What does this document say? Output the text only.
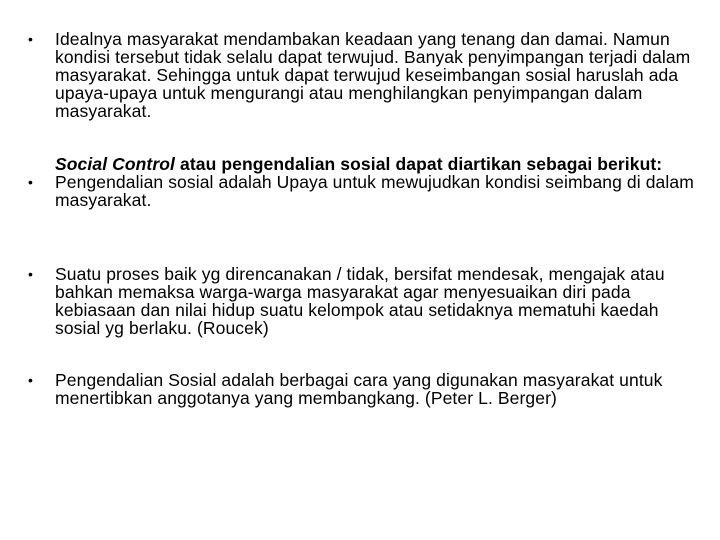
•	Idealnya masyarakat mendambakan keadaan yang tenang dan damai. Namun kondisi tersebut tidak selalu dapat terwujud. Banyak penyimpangan terjadi dalam masyarakat. Sehingga untuk dapat terwujud keseimbangan sosial haruslah ada upaya-upaya untuk mengurangi atau menghilangkan penyimpangan dalam masyarakat.
Social Control atau pengendalian sosial dapat diartikan sebagai berikut:
•	Pengendalian sosial adalah Upaya untuk mewujudkan kondisi seimbang di dalam masyarakat.
•	Suatu proses baik yg direncanakan / tidak, bersifat mendesak, mengajak atau bahkan memaksa warga-warga masyarakat agar menyesuaikan diri pada kebiasaan dan nilai hidup suatu kelompok atau setidaknya mematuhi kaedah sosial yg berlaku. (Roucek)
•	Pengendalian Sosial adalah berbagai cara yang digunakan masyarakat untuk menertibkan anggotanya yang membangkang. (Peter L. Berger)
